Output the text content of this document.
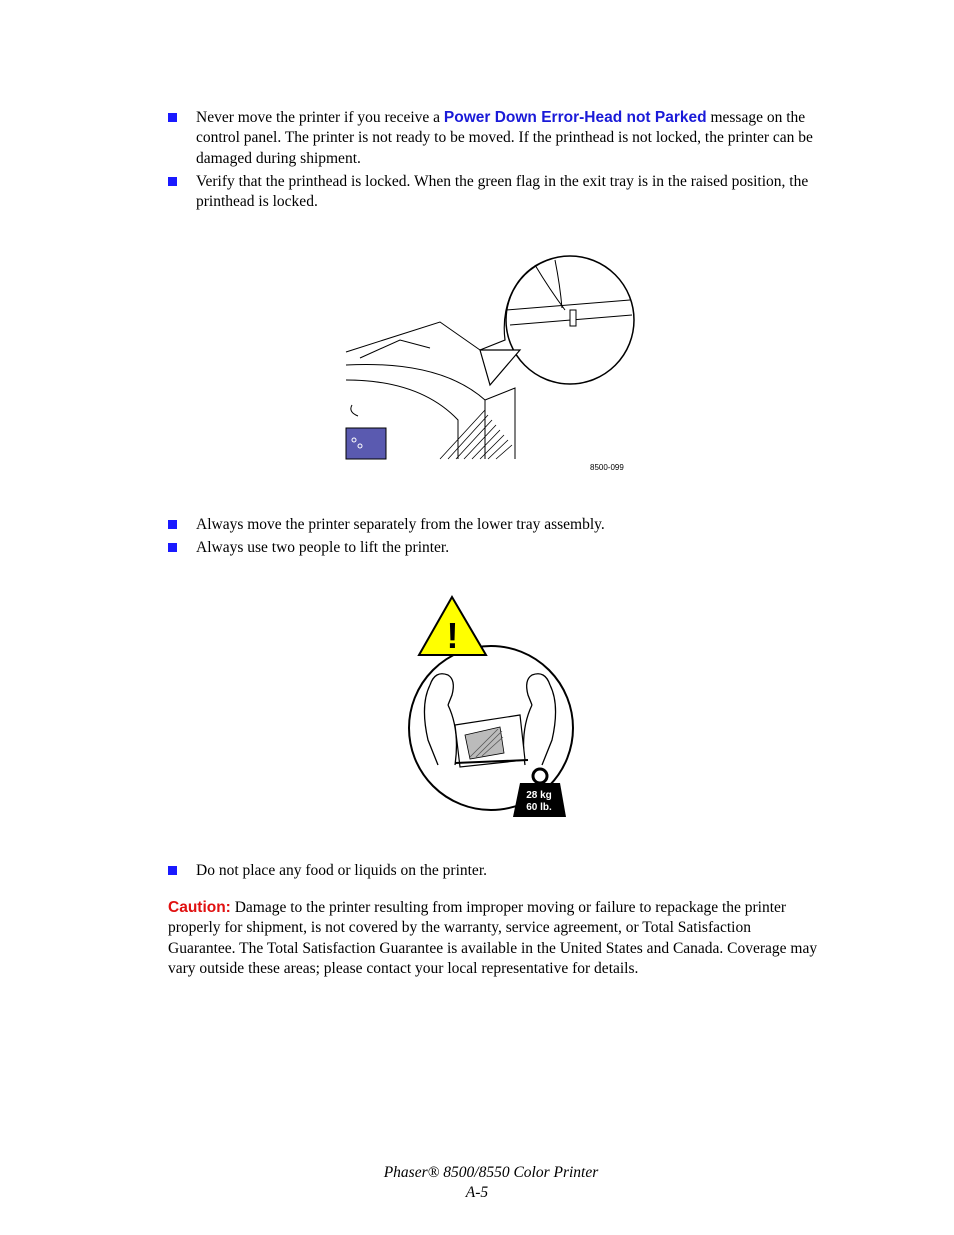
Never move the printer if you receive a Power Down Error-Head not Parked message on the control panel. The printer is not ready to be moved. If the printhead is not locked, the printer can be damaged during shipment.
Verify that the printhead is locked. When the green flag in the exit tray is in the raised position, the printhead is locked.
8500-099
Always move the printer separately from the lower tray assembly.
Always use two people to lift the printer.
!
28 kg
60 lb.
Do not place any food or liquids on the printer.

Caution: Damage to the printer resulting from improper moving or failure to repackage the printer properly for shipment, is not covered by the warranty, service agreement, or Total Satisfaction Guarantee. The Total Satisfaction Guarantee is available in the United States and Canada. Coverage may vary outside these areas; please contact your local representative for details.

Phaser® 8500/8550 Color Printer
A-5
